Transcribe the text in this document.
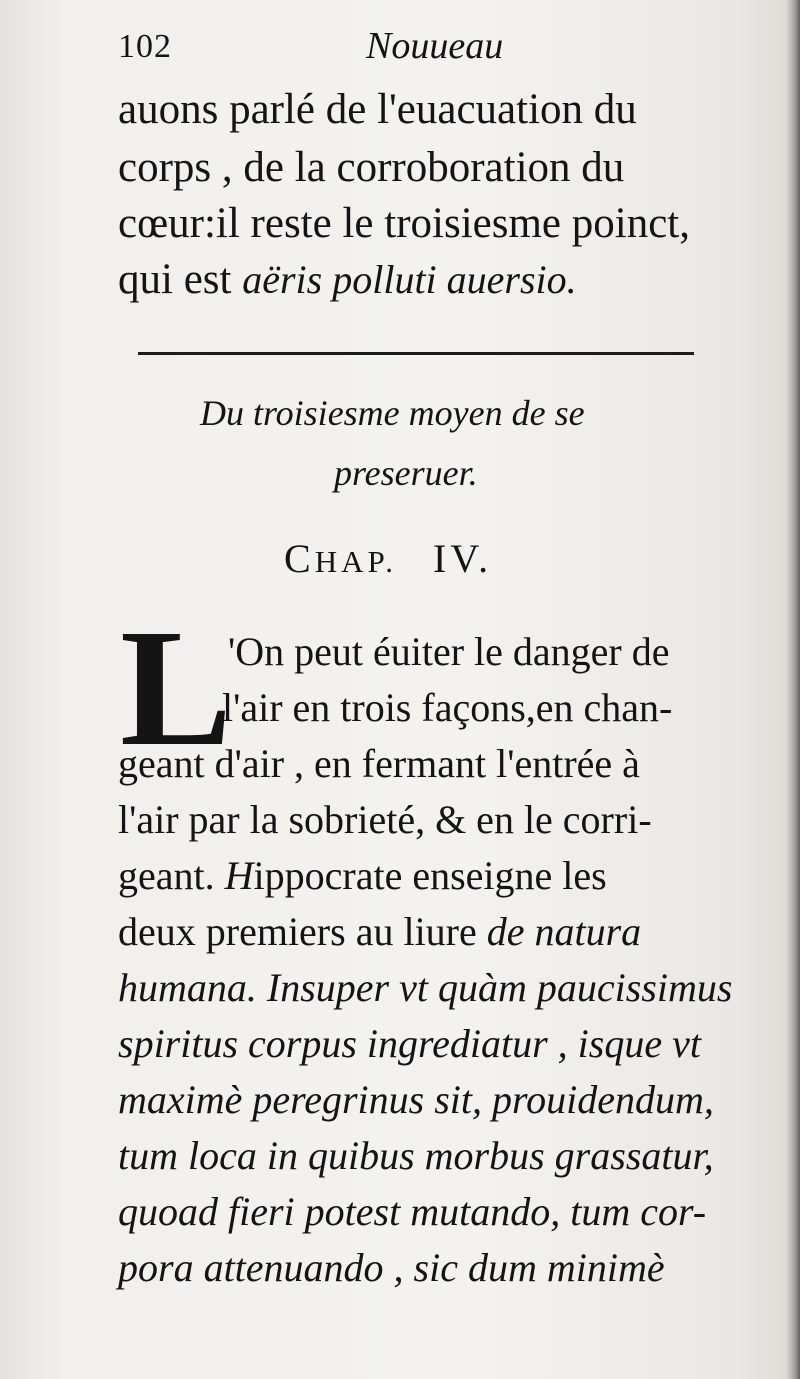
102	Nouueau
auons parlé de l'euacuation du
corps , de la corroboration du
cœur:il reste le troisiesme poinct,
qui est aëris polluti auersio.
Du troisiesme moyen de se
preseruer.
CHAP. IV.
L
'On peut éuiter le danger de
l'air en trois façons,en chan-
geant d'air , en fermant l'entrée à
l'air par la sobrieté, & en le corri-
geant. Hippocrate enseigne les
deux premiers au liure de natura
humana. Insuper vt quàm paucissimus
spiritus corpus ingrediatur , isque vt
maximè peregrinus sit, prouidendum,
tum loca in quibus morbus grassatur,
quoad fieri potest mutando, tum cor-
pora attenuando , sic dum minimè
